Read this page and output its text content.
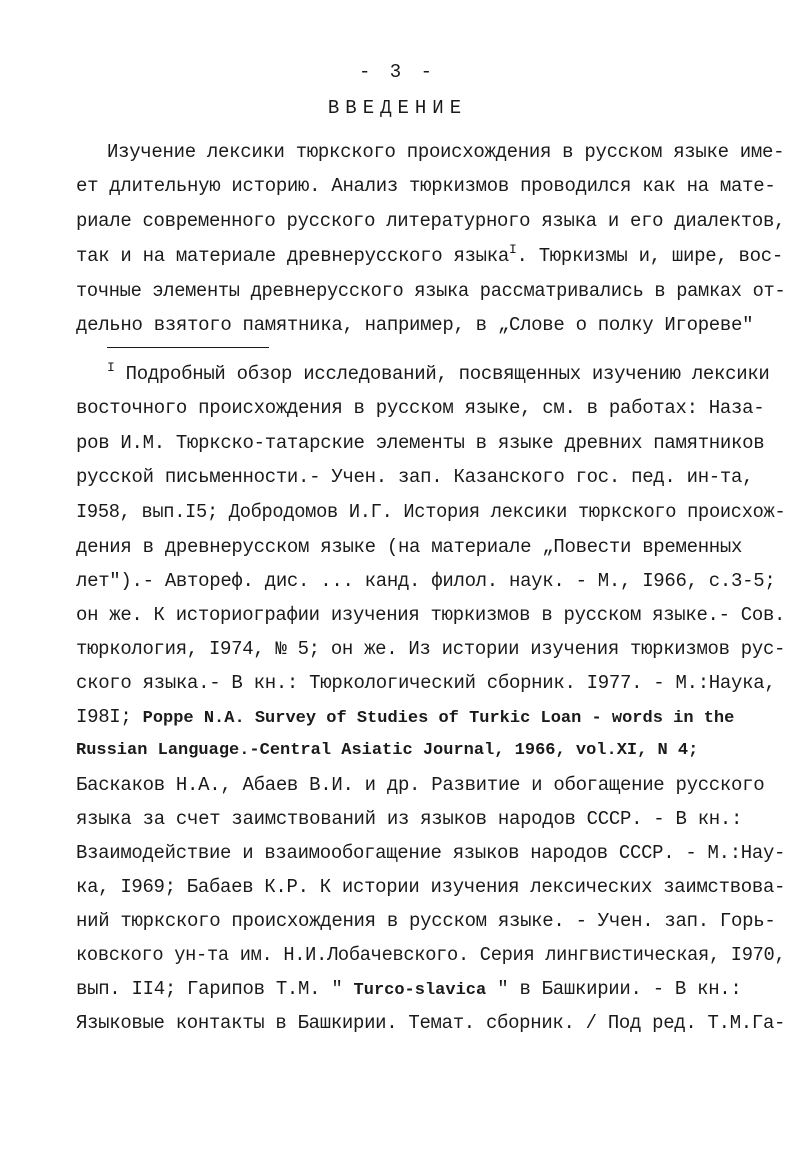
- 3 -
ВВЕДЕНИЕ
Изучение лексики тюркского происхождения в русском языке име-
ет длительную историю. Анализ тюркизмов проводился как на мате-
риале современного русского литературного языка и его диалектов,
так и на материале древнерусского языка$^I$. Тюркизмы и, шире, вос-
точные элементы древнерусского языка рассматривались в рамках от-
дельно взятого памятника, например, в „Слове о полку Игореве"
$^I$ Подробный обзор исследований, посвященных изучению лексики
восточного происхождения в русском языке, см. в работах: Наза-
ров И.М. Тюркско-татарские элементы в языке древних памятников
русской письменности.- Учен. зап. Казанского гос. пед. ин-та,
I958, вып.I5; Добродомов И.Г. История лексики тюркского происхож-
дения в древнерусском языке (на материале „Повести временных
лет").- Автореф. дис. ... канд. филол. наук. - М., I966, с.3-5;
он же. К историографии изучения тюркизмов в русском языке.- Сов.
тюркология, I974, № 5; он же. Из истории изучения тюркизмов рус-
ского языка.- В кн.: Тюркологический сборник. I977. - М.:Наука,
I98I; Poppe N.A. Survey of Studies of Turkic Loan - words in the
Russian Language.-Central Asiatic Journal, 1966, vol.XI, N 4;
Баскаков Н.А., Абаев В.И. и др. Развитие и обогащение русского
языка за счет заимствований из языков народов СССР. - В кн.:
Взаимодействие и взаимообогащение языков народов СССР. - М.:Нау-
ка, I969; Бабаев К.Р. К истории изучения лексических заимствова-
ний тюркского происхождения в русском языке. - Учен. зап. Горь-
ковского ун-та им. Н.И.Лобачевского. Серия лингвистическая, I970,
вып. II4; Гарипов Т.М. " Turco-slavica " в Башкирии. - В кн.:
Языковые контакты в Башкирии. Темат. сборник. / Под ред. Т.М.Га-
